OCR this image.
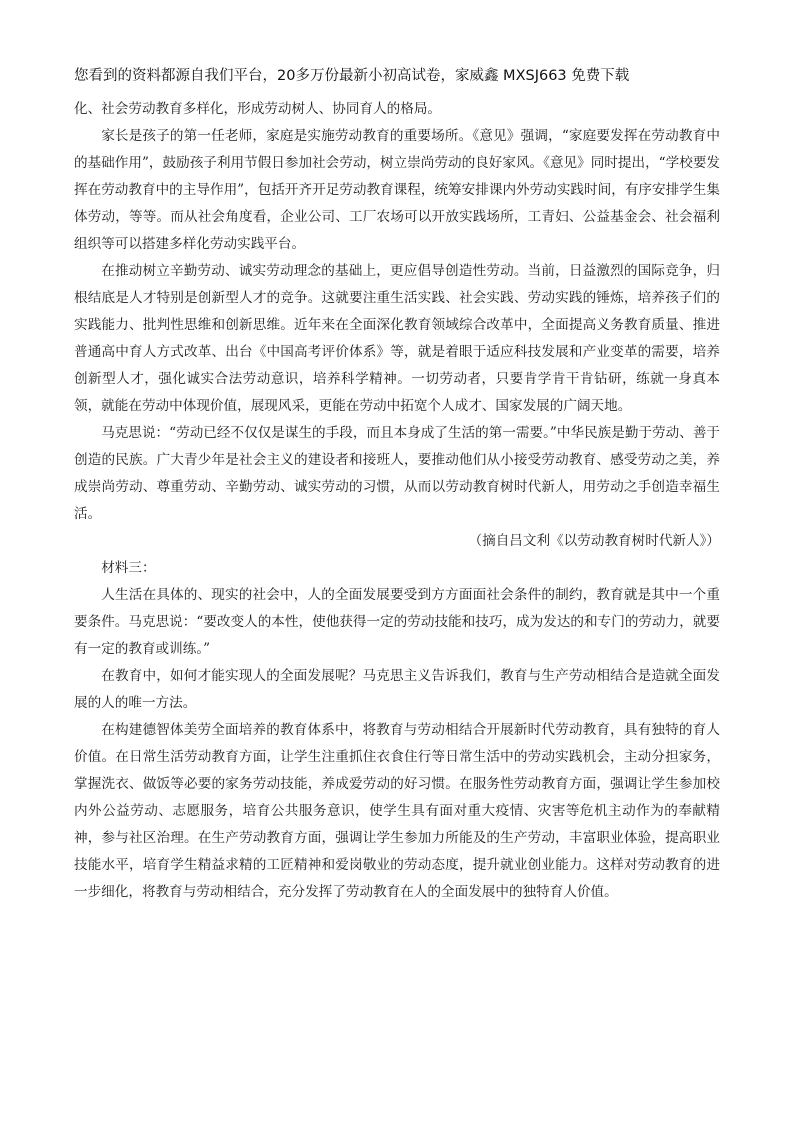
您看到的资料都源自我们平台，20多万份最新小初高试卷，家威鑫 MXSJ663 免费下载

化、社会劳动教育多样化，形成劳动树人、协同育人的格局。

家长是孩子的第一任老师，家庭是实施劳动教育的重要场所。《意见》强调，“家庭要发挥在劳动教育中的基础作用”，鼓励孩子利用节假日参加社会劳动，树立崇尚劳动的良好家风。《意见》同时提出，“学校要发挥在劳动教育中的主导作用”，包括开齐开足劳动教育课程，统筹安排课内外劳动实践时间，有序安排学生集体劳动，等等。而从社会角度看，企业公司、工厂农场可以开放实践场所，工青妇、公益基金会、社会福利组织等可以搭建多样化劳动实践平台。

在推动树立辛勤劳动、诚实劳动理念的基础上，更应倡导创造性劳动。当前，日益激烈的国际竞争，归根结底是人才特别是创新型人才的竞争。这就要注重生活实践、社会实践、劳动实践的锤炼，培养孩子们的实践能力、批判性思维和创新思维。近年来在全面深化教育领域综合改革中，全面提高义务教育质量、推进普通高中育人方式改革、出台《中国高考评价体系》等，就是着眼于适应科技发展和产业变革的需要，培养创新型人才，强化诚实合法劳动意识，培养科学精神。一切劳动者，只要肯学肯干肯钻研，练就一身真本领，就能在劳动中体现价值，展现风采，更能在劳动中拓宽个人成才、国家发展的广阔天地。

马克思说：“劳动已经不仅仅是谋生的手段，而且本身成了生活的第一需要。”中华民族是勤于劳动、善于创造的民族。广大青少年是社会主义的建设者和接班人，要推动他们从小接受劳动教育、感受劳动之美，养成崇尚劳动、尊重劳动、辛勤劳动、诚实劳动的习惯，从而以劳动教育树时代新人，用劳动之手创造幸福生活。

（摘自吕文利《以劳动教育树时代新人》）

材料三：

人生活在具体的、现实的社会中，人的全面发展要受到方方面面社会条件的制约，教育就是其中一个重要条件。马克思说：“要改变人的本性，使他获得一定的劳动技能和技巧，成为发达的和专门的劳动力，就要有一定的教育或训练。”

在教育中，如何才能实现人的全面发展呢？马克思主义告诉我们，教育与生产劳动相结合是造就全面发展的人的唯一方法。

在构建德智体美劳全面培养的教育体系中，将教育与劳动相结合开展新时代劳动教育，具有独特的育人价值。在日常生活劳动教育方面，让学生注重抓住衣食住行等日常生活中的劳动实践机会，主动分担家务，掌握洗衣、做饭等必要的家务劳动技能，养成爱劳动的好习惯。在服务性劳动教育方面，强调让学生参加校内外公益劳动、志愿服务，培育公共服务意识，使学生具有面对重大疫情、灾害等危机主动作为的奉献精神，参与社区治理。在生产劳动教育方面，强调让学生参加力所能及的生产劳动，丰富职业体验，提高职业技能水平，培育学生精益求精的工匠精神和爱岗敬业的劳动态度，提升就业创业能力。这样对劳动教育的进一步细化，将教育与劳动相结合，充分发挥了劳动教育在人的全面发展中的独特育人价值。
